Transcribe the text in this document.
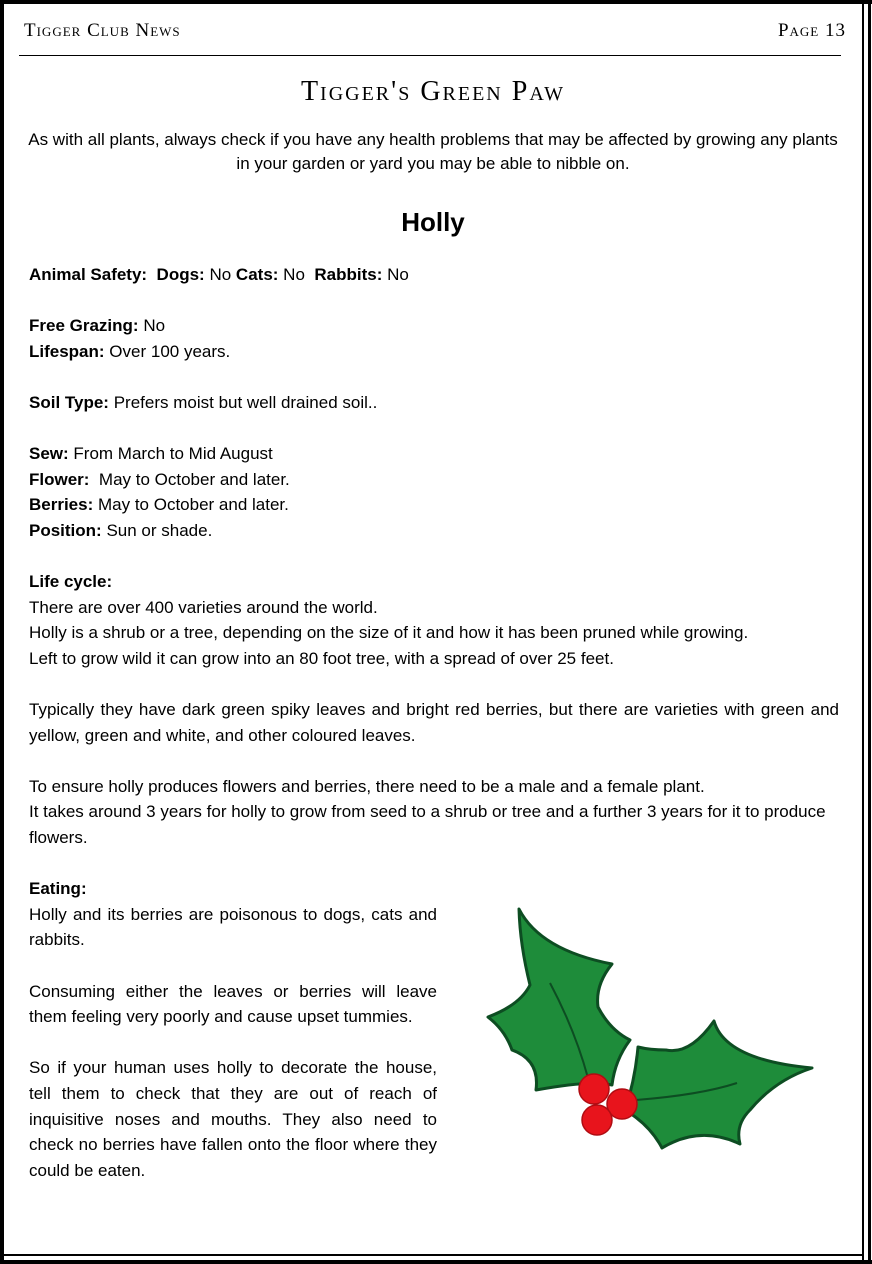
Tigger Club News	Page 13
Tigger's Green Paw
As with all plants, always check if you have any health problems that may be affected by growing any plants in your garden or yard you may be able to nibble on.
Holly

Animal Safety: Dogs: No Cats: No Rabbits: No

Free Grazing: No
Lifespan: Over 100 years.

Soil Type: Prefers moist but well drained soil..

Sew: From March to Mid August
Flower: May to October and later.
Berries: May to October and later.
Position: Sun or shade.

Life cycle:
There are over 400 varieties around the world.
Holly is a shrub or a tree, depending on the size of it and how it has been pruned while growing.
Left to grow wild it can grow into an 80 foot tree, with a spread of over 25 feet.

Typically they have dark green spiky leaves and bright red berries, but there are varieties with green and yellow, green and white, and other coloured leaves.

To ensure holly produces flowers and berries, there need to be a male and a female plant.
It takes around 3 years for holly to grow from seed to a shrub or tree and a further 3 years for it to produce flowers.

Eating:

Holly and its berries are poisonous to dogs, cats and rabbits.

Consuming either the leaves or berries will leave them feeling very poorly and cause upset tummies.

So if your human uses holly to decorate the house, tell them to check that they are out of reach of inquisitive noses and mouths. They also need to check no berries have fallen onto the floor where they could be eaten.
